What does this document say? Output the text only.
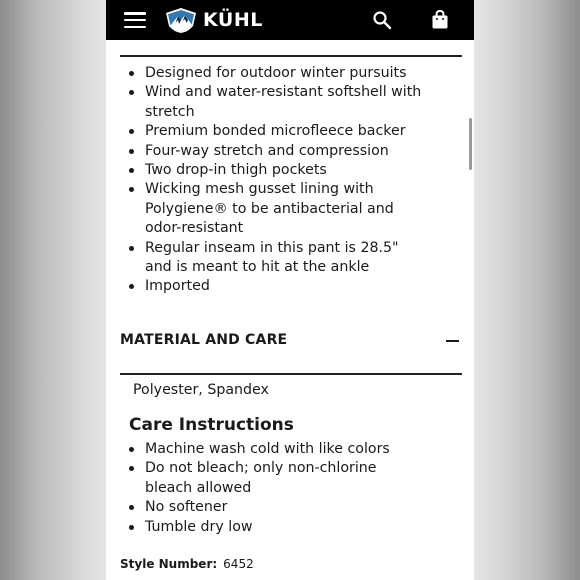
KÜHL
Designed for outdoor winter pursuits
Wind and water-resistant softshell with stretch
Premium bonded microfleece backer
Four-way stretch and compression
Two drop-in thigh pockets
Wicking mesh gusset lining with Polygiene® to be antibacterial and odor-resistant
Regular inseam in this pant is 28.5" and is meant to hit at the ankle
Imported
MATERIAL AND CARE
Polyester, Spandex
Care Instructions
Machine wash cold with like colors
Do not bleach; only non-chlorine bleach allowed
No softener
Tumble dry low
Style Number: 6452
